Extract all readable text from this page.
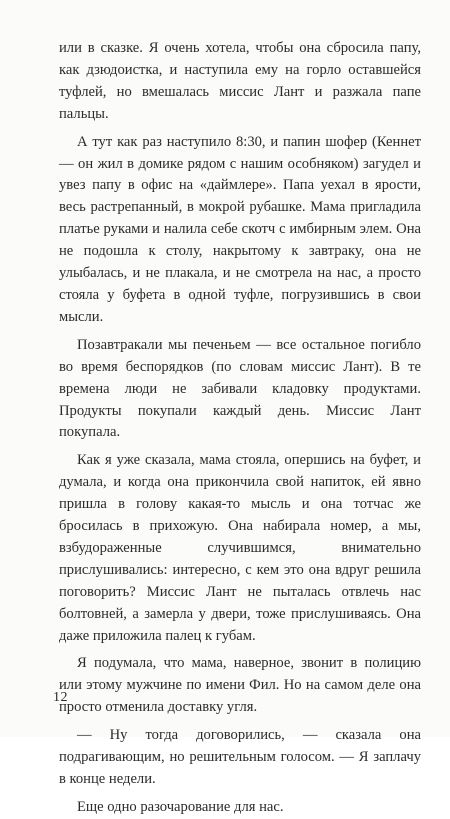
или в сказке. Я очень хотела, чтобы она сбросила папу, как дзюдоистка, и наступила ему на горло оставшейся туфлей, но вмешалась миссис Лант и разжала папе пальцы.

А тут как раз наступило 8:30, и папин шофер (Кеннет — он жил в домике рядом с нашим особняком) загудел и увез папу в офис на «даймлере». Папа уехал в ярости, весь растрепанный, в мокрой рубашке. Мама пригладила платье руками и налила себе скотч с имбирным элем. Она не подошла к столу, накрытому к завтраку, она не улыбалась, и не плакала, и не смотрела на нас, а просто стояла у буфета в одной туфле, погрузившись в свои мысли.

Позавтракали мы печеньем — все остальное погибло во время беспорядков (по словам миссис Лант). В те времена люди не забивали кладовку продуктами. Продукты покупали каждый день. Миссис Лант покупала.

Как я уже сказала, мама стояла, опершись на буфет, и думала, и когда она прикончила свой напиток, ей явно пришла в голову какая-то мысль и она тотчас же бросилась в прихожую. Она набирала номер, а мы, взбудораженные случившимся, внимательно прислушивались: интересно, с кем это она вдруг решила поговорить? Миссис Лант не пыталась отвлечь нас болтовней, а замерла у двери, тоже прислушиваясь. Она даже приложила палец к губам.

Я подумала, что мама, наверное, звонит в полицию или этому мужчине по имени Фил. Но на самом деле она просто отменила доставку угля.

— Ну тогда договорились, — сказала она подрагивающим, но решительным голосом. — Я заплачу в конце недели.

Еще одно разочарование для нас.

12
